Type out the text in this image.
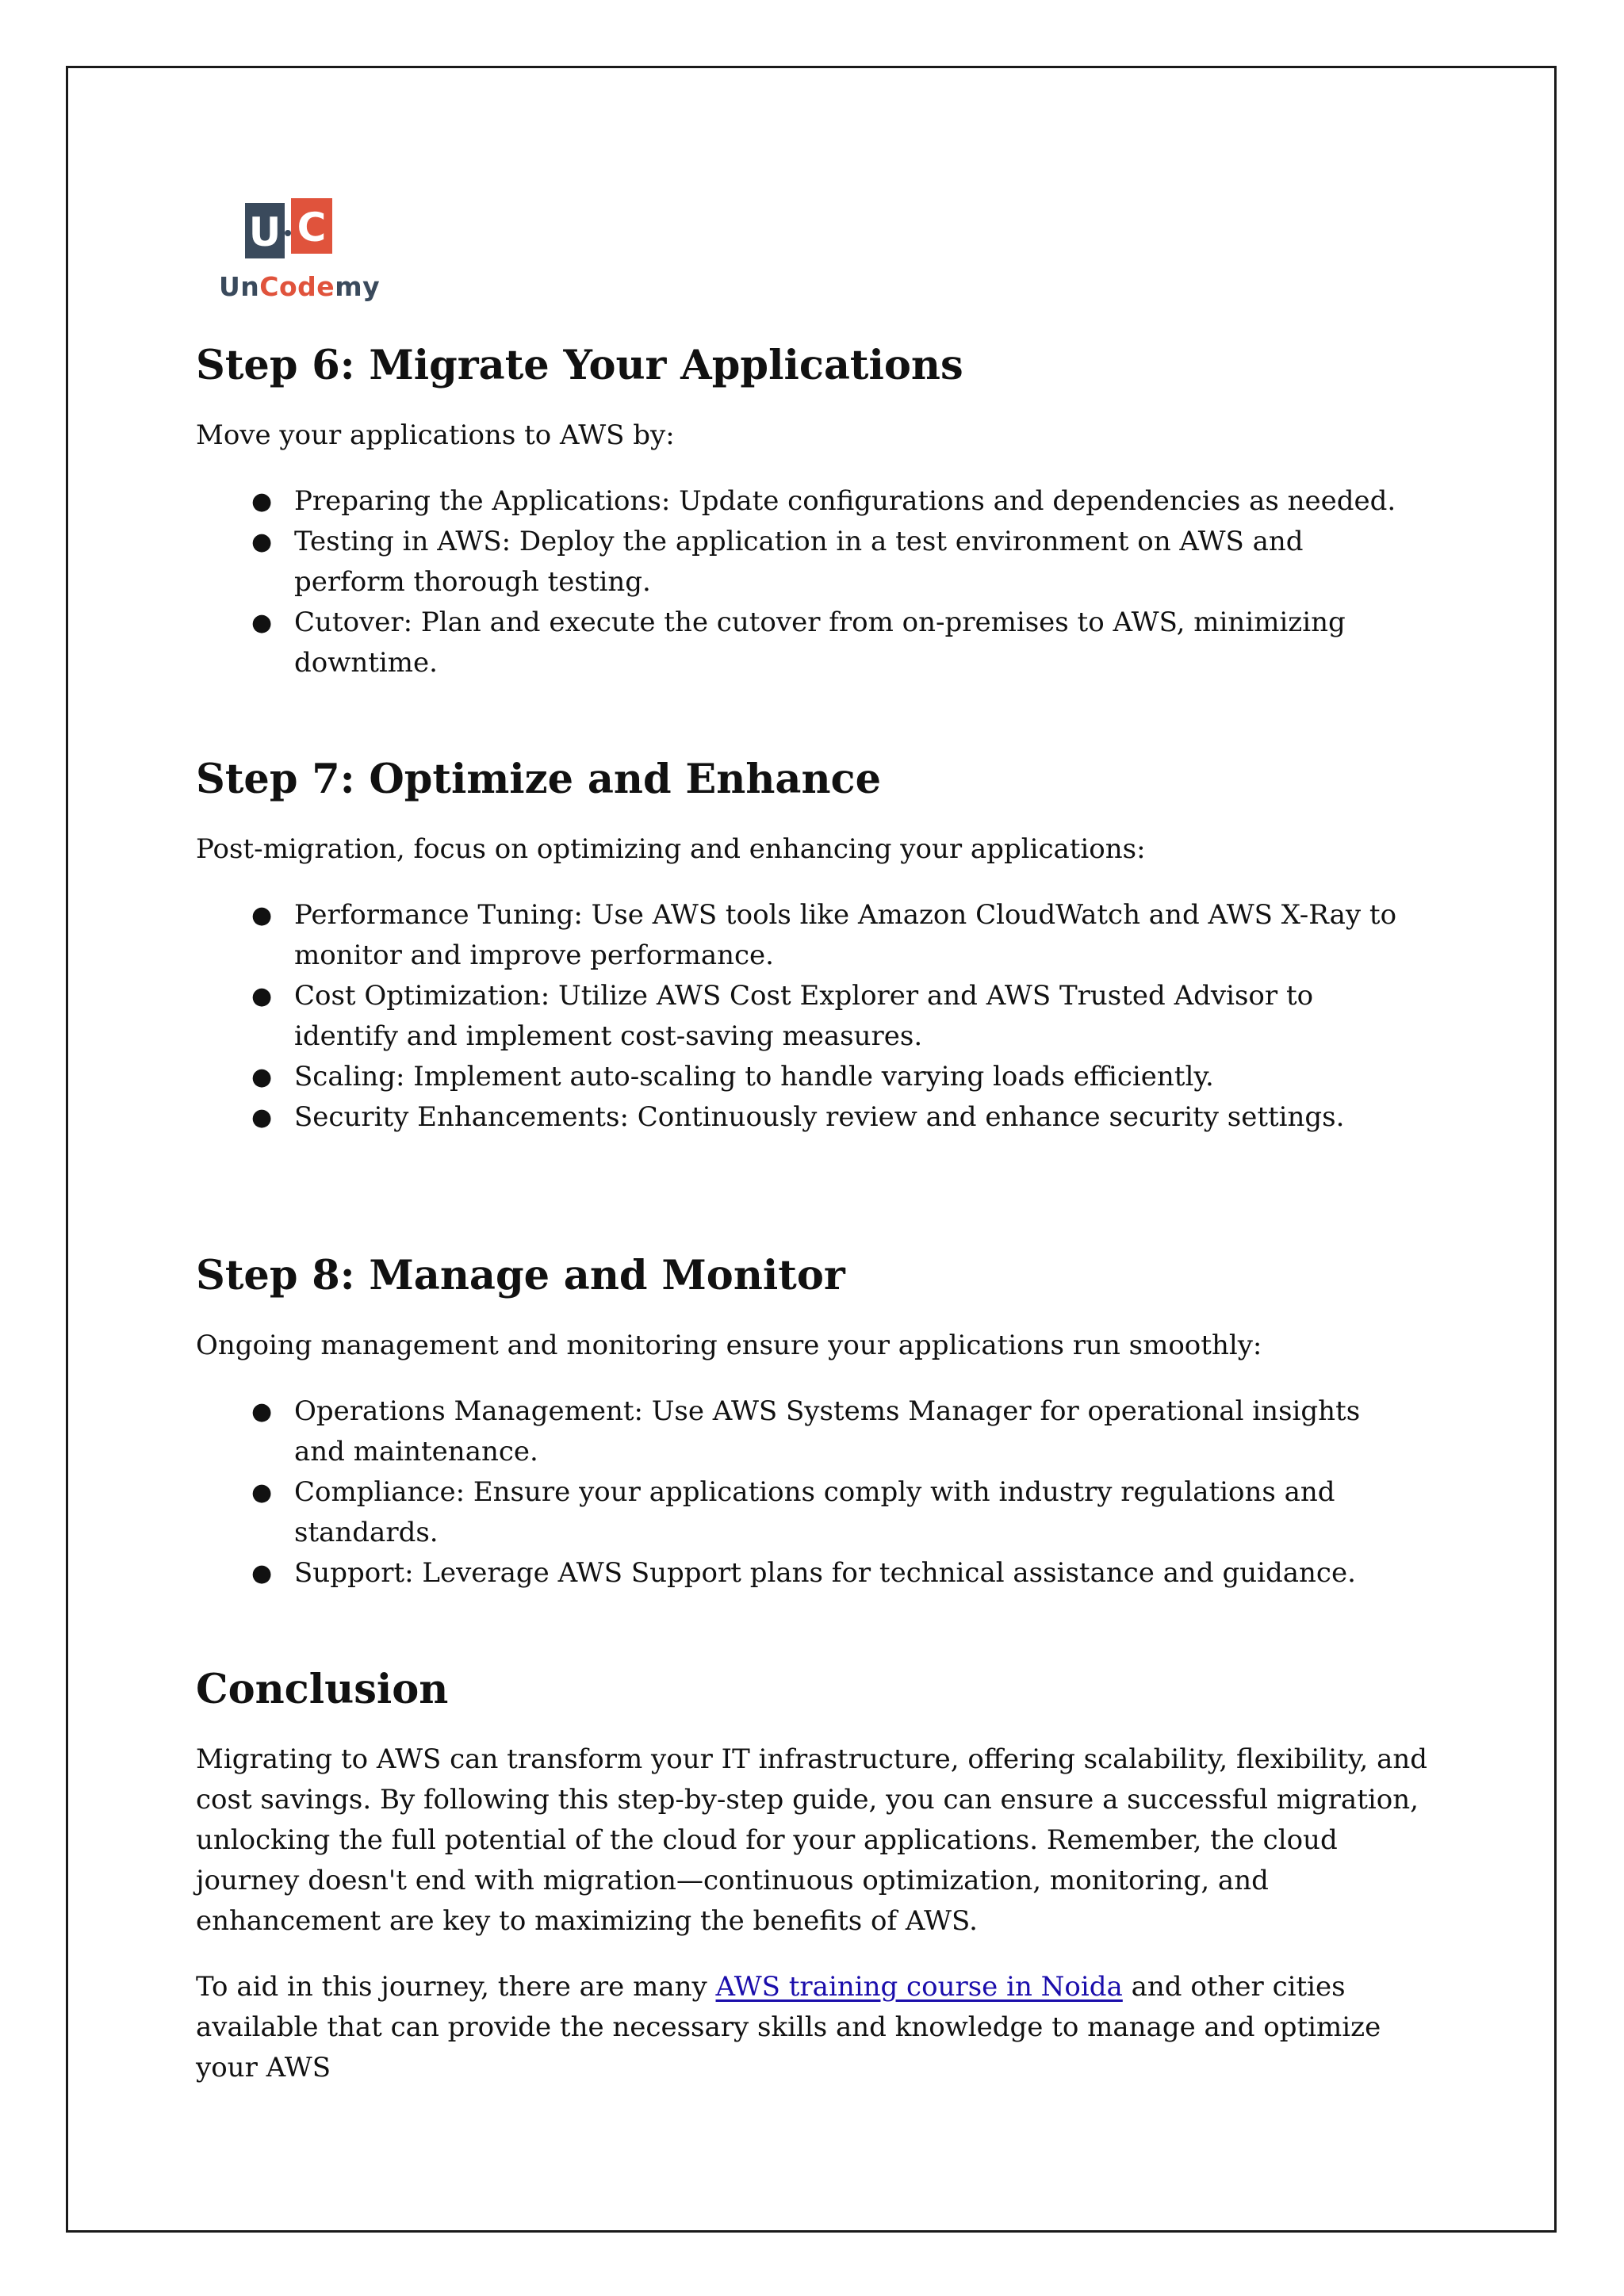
U C
UnCodemy
Step 6: Migrate Your Applications

Move your applications to AWS by:

● Preparing the Applications: Update configurations and dependencies as needed.
● Testing in AWS: Deploy the application in a test environment on AWS and perform thorough testing.
● Cutover: Plan and execute the cutover from on-premises to AWS, minimizing downtime.
Step 7: Optimize and Enhance

Post-migration, focus on optimizing and enhancing your applications:

● Performance Tuning: Use AWS tools like Amazon CloudWatch and AWS X-Ray to monitor and improve performance.
● Cost Optimization: Utilize AWS Cost Explorer and AWS Trusted Advisor to identify and implement cost-saving measures.
● Scaling: Implement auto-scaling to handle varying loads efficiently.
● Security Enhancements: Continuously review and enhance security settings.
Step 8: Manage and Monitor

Ongoing management and monitoring ensure your applications run smoothly:

● Operations Management: Use AWS Systems Manager for operational insights and maintenance.
● Compliance: Ensure your applications comply with industry regulations and standards.
● Support: Leverage AWS Support plans for technical assistance and guidance.
Conclusion

Migrating to AWS can transform your IT infrastructure, offering scalability, flexibility, and cost savings. By following this step-by-step guide, you can ensure a successful migration, unlocking the full potential of the cloud for your applications. Remember, the cloud journey doesn't end with migration—continuous optimization, monitoring, and enhancement are key to maximizing the benefits of AWS.

To aid in this journey, there are many AWS training course in Noida and other cities available that can provide the necessary skills and knowledge to manage and optimize your AWS
